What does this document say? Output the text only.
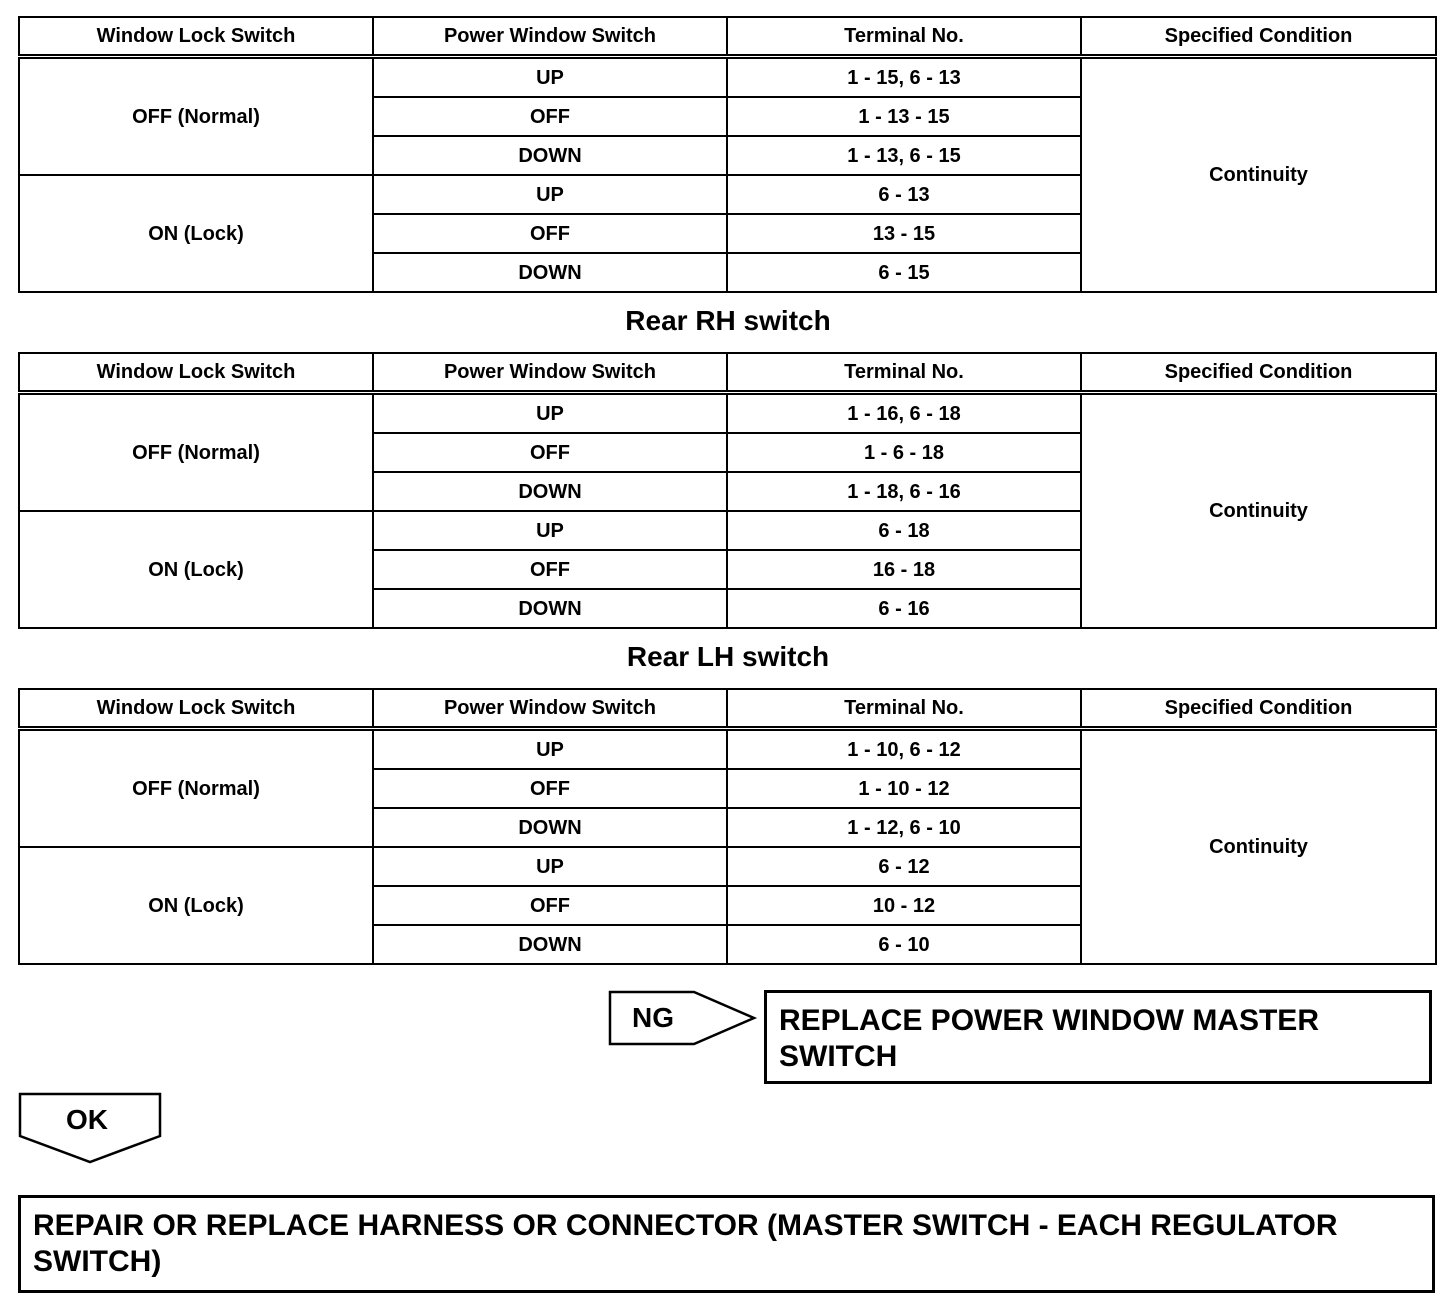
Window Lock Switch	Power Window Switch	Terminal No.	Specified Condition
OFF (Normal)	UP	1 - 15, 6 - 13	Continuity
	OFF	1 - 13 - 15	
	DOWN	1 - 13, 6 - 15	
ON (Lock)	UP	6 - 13	
	OFF	13 - 15	
	DOWN	6 - 15	
Rear RH switch
Window Lock Switch	Power Window Switch	Terminal No.	Specified Condition
OFF (Normal)	UP	1 - 16, 6 - 18	Continuity
	OFF	1 - 6 - 18	
	DOWN	1 - 18, 6 - 16	
ON (Lock)	UP	6 - 18	
	OFF	16 - 18	
	DOWN	6 - 16	
Rear LH switch
Window Lock Switch	Power Window Switch	Terminal No.	Specified Condition
OFF (Normal)	UP	1 - 10, 6 - 12	Continuity
	OFF	1 - 10 - 12	
	DOWN	1 - 12, 6 - 10	
ON (Lock)	UP	6 - 12	
	OFF	10 - 12	
	DOWN	6 - 10	
NG	REPLACE POWER WINDOW MASTER
SWITCH
OK
REPAIR OR REPLACE HARNESS OR CONNECTOR (MASTER SWITCH - EACH REGULATOR
SWITCH)
